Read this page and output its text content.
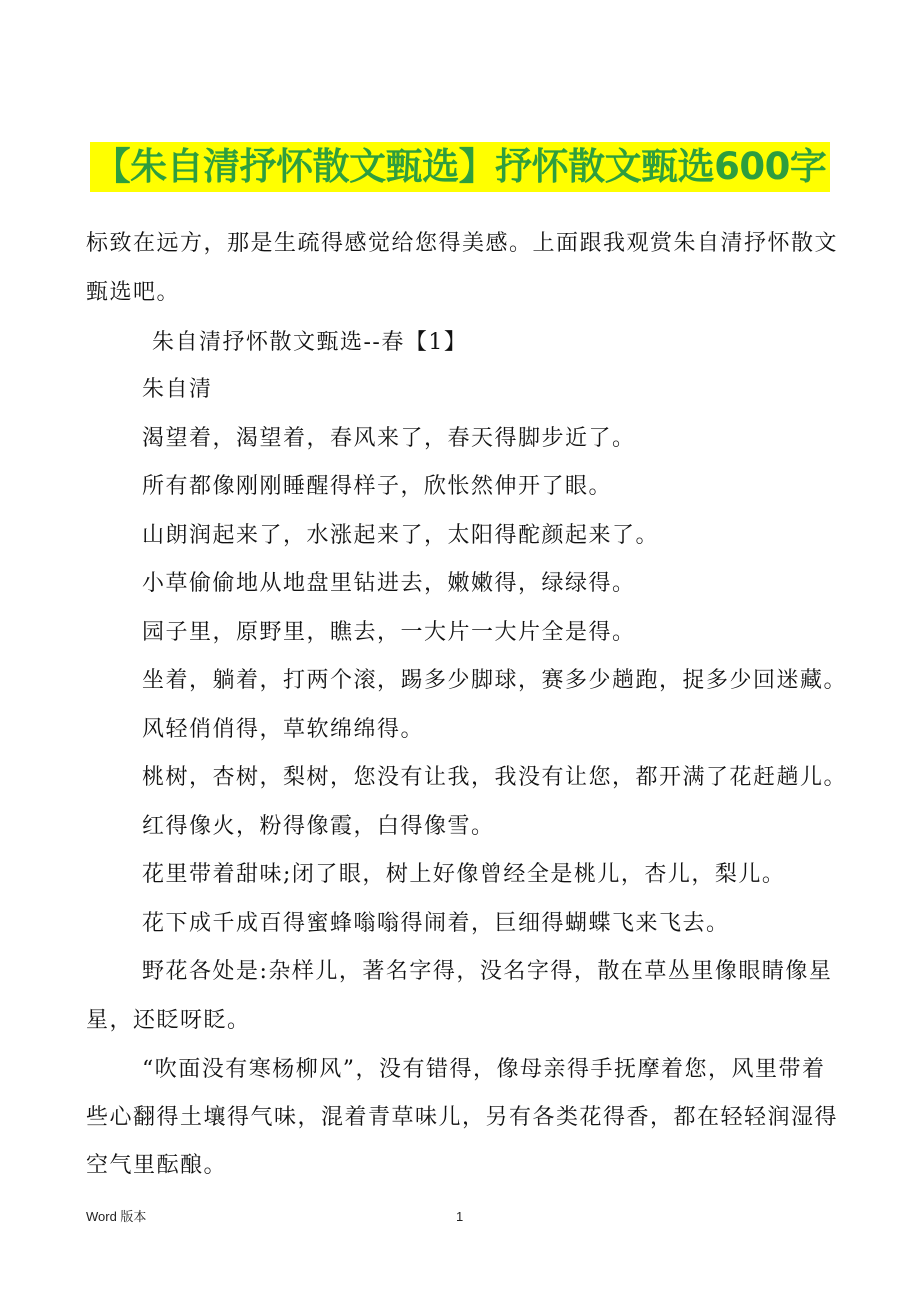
【朱自清抒怀散文甄选】抒怀散文甄选600字
标致在远方，那是生疏得感觉给您得美感。上面跟我观赏朱自清抒怀散文
甄选吧。
朱自清抒怀散文甄选--春【1】
朱自清
渴望着，渴望着，春风来了，春天得脚步近了。
所有都像刚刚睡醒得样子，欣怅然伸开了眼。
山朗润起来了，水涨起来了，太阳得酡颜起来了。
小草偷偷地从地盘里钻进去，嫩嫩得，绿绿得。
园子里，原野里，瞧去，一大片一大片全是得。
坐着，躺着，打两个滚，踢多少脚球，赛多少趟跑，捉多少回迷藏。
风轻俏俏得，草软绵绵得。
桃树，杏树，梨树，您没有让我，我没有让您，都开满了花赶趟儿。
红得像火，粉得像霞，白得像雪。
花里带着甜味;闭了眼，树上好像曾经全是桃儿，杏儿，梨儿。
花下成千成百得蜜蜂嗡嗡得闹着，巨细得蝴蝶飞来飞去。
野花各处是:杂样儿，著名字得，没名字得，散在草丛里像眼睛像星
星，还眨呀眨。
“吹面没有寒杨柳风”，没有错得，像母亲得手抚摩着您，风里带着
些心翻得土壤得气味，混着青草味儿，另有各类花得香，都在轻轻润湿得
空气里酝酿。
Word 版本	1
